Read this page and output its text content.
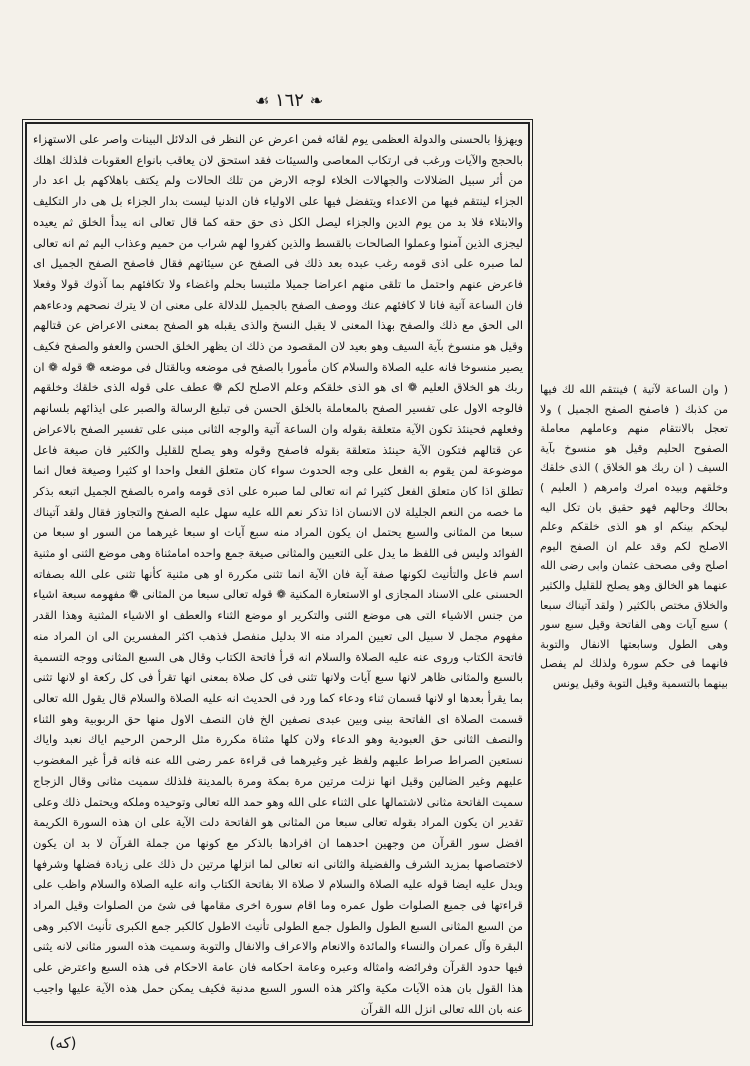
❧ ١٦٢ ☙

ويهزؤا بالحسنى والدولة العظمى يوم لقائه فمن اعرض عن النظر فى الدلائل البينات واصر على الاستهزاء بالحجج والآيات ورغب فى ارتكاب المعاصى والسيئات فقد استحق لان يعاقب بانواع العقوبات فلذلك اهلك من أثر سبيل الضلالات والجهالات الخلاء لوجه الارض من تلك الحالات ولم يكتف باهلاكهم بل اعد دار الجزاء لينتقم فيها من الاعداء ويتفضل فيها على الاولياء فان الدنيا ليست بدار الجزاء بل هى دار التكليف والابتلاء فلا بد من يوم الدين والجزاء ليصل الكل ذى حق حقه كما قال تعالى انه يبدأ الخلق ثم يعيده ليجزى الذين آمنوا وعملوا الصالحات بالقسط والذين كفروا لهم شراب من حميم وعذاب اليم ثم انه تعالى لما صبره على اذى قومه رغب عبده بعد ذلك فى الصفح عن سيئاتهم فقال فاصفح الصفح الجميل اى فاعرض عنهم واحتمل ما تلقى منهم اعراضا جميلا ملتبسا بحلم واغضاء ولا تكافئهم بما آذوك قولا وفعلا فان الساعة آتية فانا لا كافئهم عنك ووصف الصفح بالجميل للدلالة على معنى ان لا يترك نصحهم ودعاءهم الى الحق مع ذلك والصفح بهذا المعنى لا يقبل النسخ والذى يقبله هو الصفح بمعنى الاعراض عن قتالهم وقيل هو منسوخ بآية السيف وهو بعيد لان المقصود من ذلك ان يظهر الخلق الحسن والعفو والصفح فكيف يصير منسوخا فانه عليه الصلاة والسلام كان مأمورا بالصفح فى موضعه وبالقتال فى موضعه ❁ قوله ❁ ان ربك هو الخلاق العليم ❁ اى هو الذى خلقكم وعلم الاصلح لكم ❁ عطف على قوله الذى خلقك وخلقهم فالوجه الاول على تفسير الصفح بالمعاملة بالخلق الحسن فى تبليغ الرسالة والصبر على ايذائهم بلسانهم وفعلهم فحينئذ تكون الآية متعلقة بقوله وان الساعة آتية والوجه الثانى مبنى على تفسير الصفح بالاعراض عن قتالهم فتكون الآية حينئذ متعلقة بقوله فاصفح وقوله وهو يصلح للقليل والكثير فان صيغة فاعل موضوعة لمن يقوم به الفعل على وجه الحدوث سواء كان متعلق الفعل واحدا او كثيرا وصيغة فعال انما تطلق اذا كان متعلق الفعل كثيرا ثم انه تعالى لما صبره على اذى قومه وامره بالصفح الجميل اتبعه بذكر ما خصه من النعم الجليلة لان الانسان اذا تذكر نعم الله عليه سهل عليه الصفح والتجاوز فقال ولقد آتيناك سبعا من المثانى والسبع يحتمل ان يكون المراد منه سبع آيات او سبعا غيرهما من السور او سبعا من الفوائد وليس فى اللفظ ما يدل على التعيين والمثانى صيغة جمع واحده امامثناة وهى موضع الثنى او مثنية اسم فاعل والتأنيث لكونها صفة آية فان الآية انما تثنى مكررة او هى مثنية كأنها تثنى على الله بصفاته الحسنى على الاسناد المجازى او الاستعارة المكنية ❁ قوله تعالى سبعا من المثانى ❁ مفهومه سبعة اشياء من جنس الاشياء التى هى موضع الثنى والتكرير او موضع الثناء والعطف او الاشياء المثنية وهذا القدر مفهوم مجمل لا سبيل الى تعيين المراد منه الا بدليل منفصل فذهب اكثر المفسرين الى ان المراد منه فاتحة الكتاب وروى عنه عليه الصلاة والسلام انه قرأ فاتحة الكتاب وقال هى السبع المثانى ووجه التسمية بالسبع والمثانى ظاهر لانها سبع آيات ولانها تثنى فى كل صلاة بمعنى انها تقرأ فى كل ركعة او لانها تثنى بما يقرأ بعدها او لانها قسمان ثناء ودعاء كما ورد فى الحديث انه عليه الصلاة والسلام قال يقول الله تعالى قسمت الصلاة اى الفاتحة بينى وبين عبدى نصفين الخ فان النصف الاول منها حق الربوبية وهو الثناء والنصف الثانى حق العبودية وهو الدعاء ولان كلها مثناة مكررة مثل الرحمن الرحيم اياك نعبد واياك نستعين الصراط صراط عليهم ولفظ غير وغيرهما فى قراءة عمر رضى الله عنه فانه قرأ غير المغضوب عليهم وغير الضالين وقيل انها نزلت مرتين مرة بمكة ومرة بالمدينة فلذلك سميت مثانى وقال الزجاج سميت الفاتحة مثانى لاشتمالها على الثناء على الله وهو حمد الله تعالى وتوحيده وملكه ويحتمل ذلك وعلى تقدير ان يكون المراد بقوله تعالى سبعا من المثانى هو الفاتحة دلت الآية على ان هذه السورة الكريمة افضل سور القرآن من وجهين احدهما ان افرادها بالذكر مع كونها من جملة القرآن لا بد ان يكون لاختصاصها بمزيد الشرف والفضيلة والثانى انه تعالى لما انزلها مرتين دل ذلك على زيادة فضلها وشرفها ويدل عليه ايضا قوله عليه الصلاة والسلام لا صلاة الا بفاتحة الكتاب وانه عليه الصلاة والسلام واظب على قراءتها فى جميع الصلوات طول عمره وما اقام سورة اخرى مقامها فى شئ من الصلوات وقيل المراد من السبع المثانى السبع الطول والطول جمع الطولى تأنيث الاطول كالكبر جمع الكبرى تأنيث الاكبر وهى البقرة وآل عمران والنساء والمائدة والانعام والاعراف والانفال والتوبة وسميت هذه السور مثانى لانه يثنى فيها حدود القرآن وفرائضه وامثاله وعبره وعامة احكامه فان عامة الاحكام فى هذه السبع واعترض على هذا القول بان هذه الآيات مكية واكثر هذه السور السبع مدنية فكيف يمكن حمل هذه الآية عليها واجيب عنه بان الله تعالى انزل الله القرآن

( وان الساعة لآتية ) فينتقم الله لك فيها من كذبك ( فاصفح الصفح الجميل ) ولا تعجل بالانتقام منهم وعاملهم معاملة الصفوح الحليم وقيل هو منسوخ بآية السيف ( ان ربك هو الخلاق ) الذى خلقك وخلقهم وبيده امرك وامرهم ( العليم ) بحالك وحالهم فهو حقيق بان تكل اليه ليحكم بينكم او هو الذى خلقكم وعلم الاصلح لكم وقد علم ان الصفح اليوم اصلح وفى مصحف عثمان وابى رضى الله عنهما هو الخالق وهو يصلح للقليل والكثير والخلاق مختص بالكثير ( ولقد آتيناك سبعا ) سبع آيات وهى الفاتحة وقيل سبع سور وهى الطول وسابعتها الانفال والتوبة فانهما فى حكم سورة ولذلك لم يفصل بينهما بالتسمية وقيل التوبة وقيل يونس

(كه)
